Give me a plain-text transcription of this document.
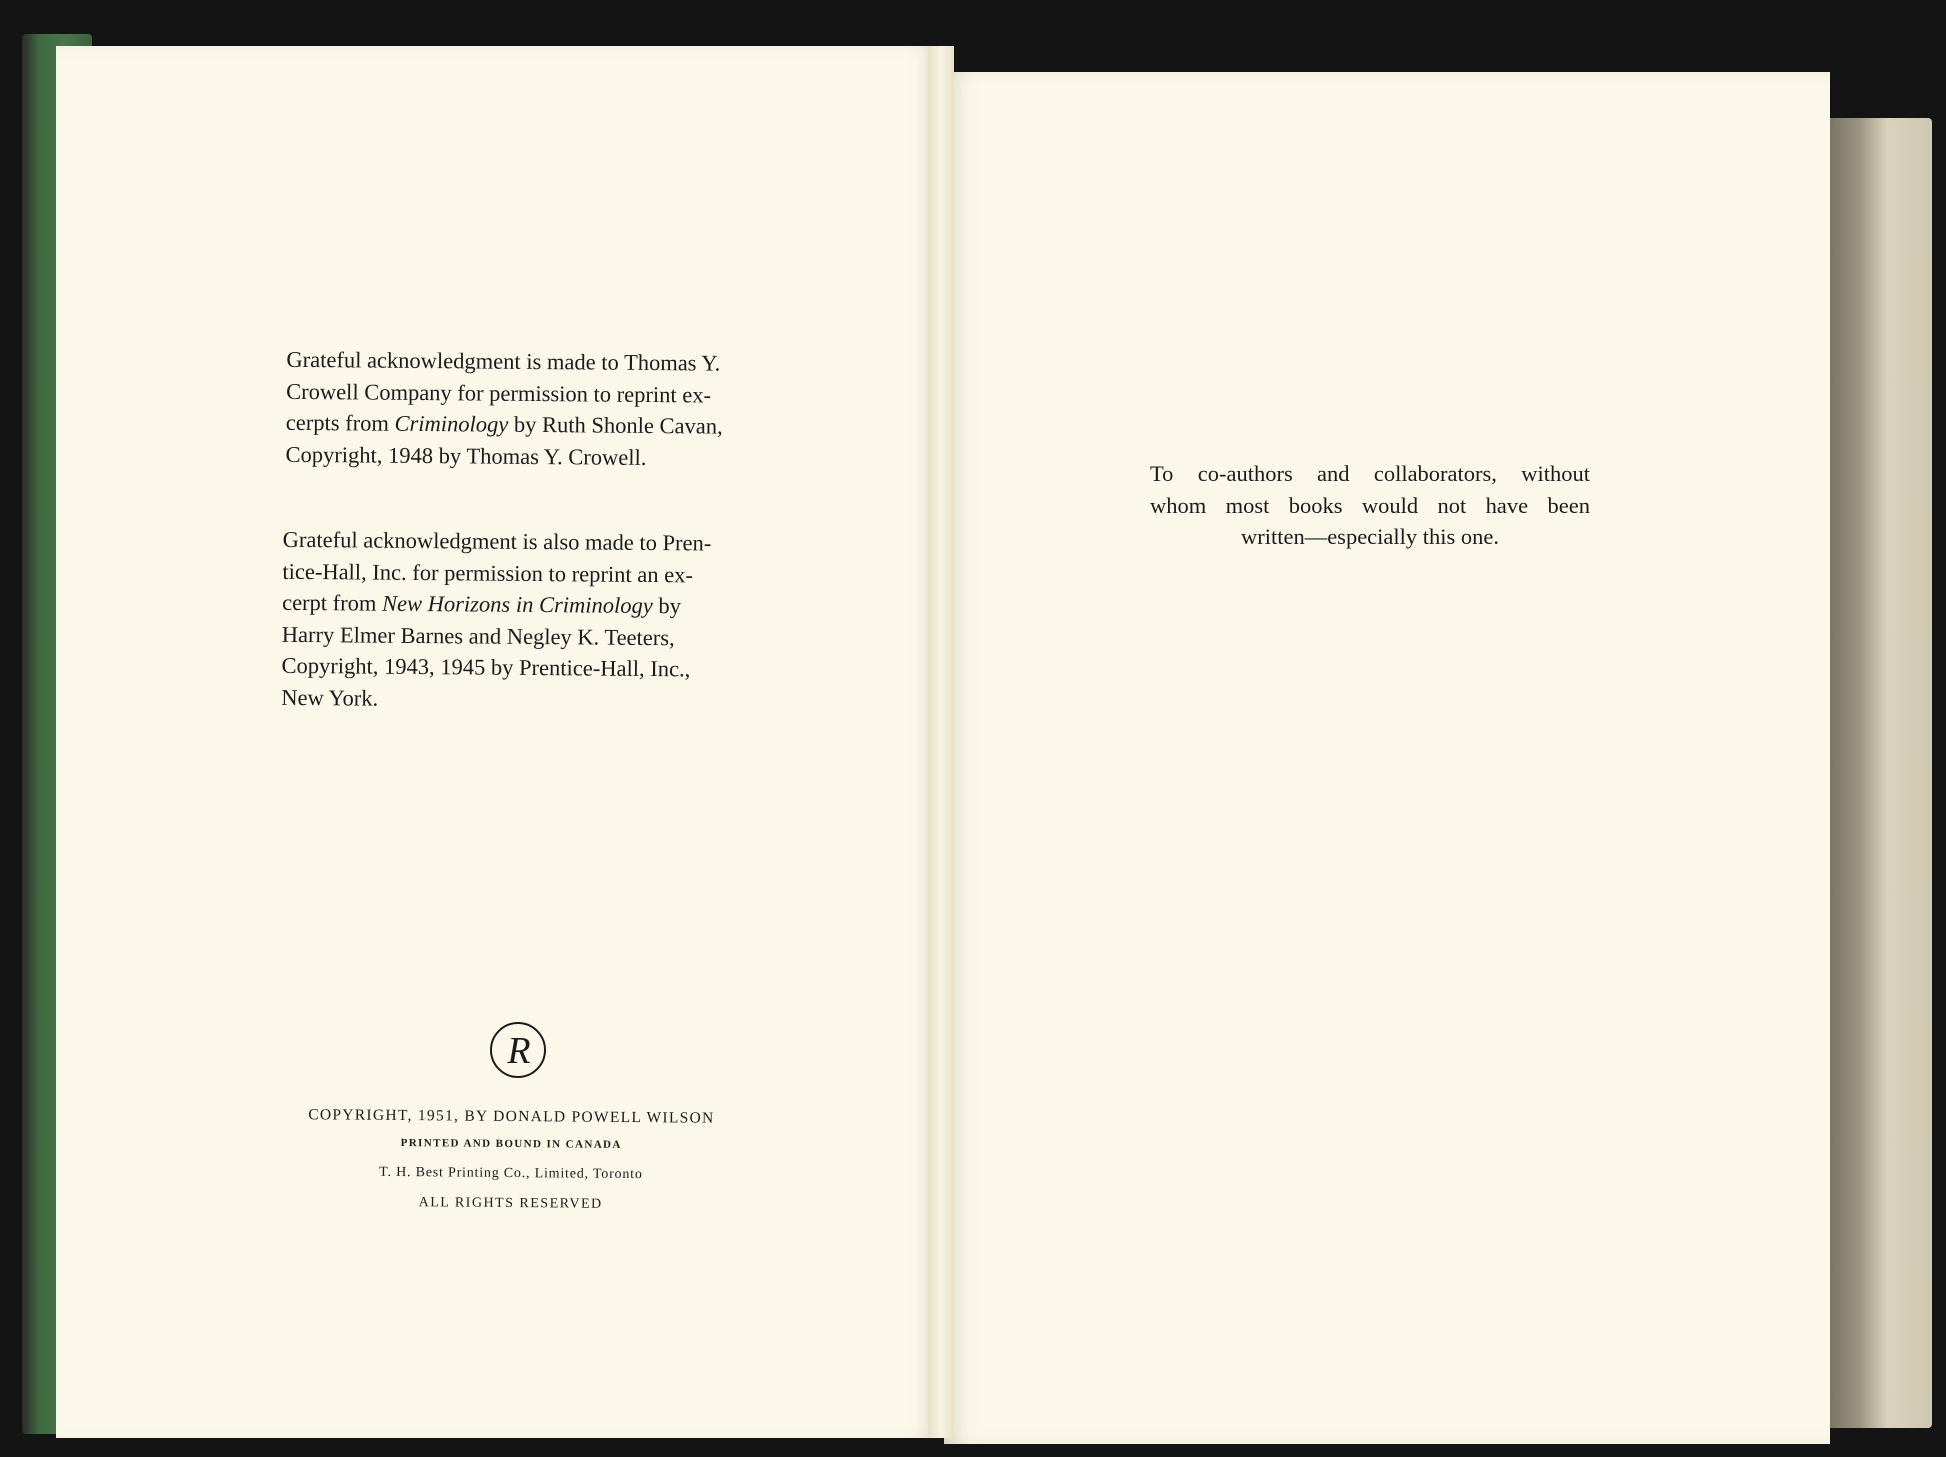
Grateful acknowledgment is made to Thomas Y.
Crowell Company for permission to reprint ex-
cerpts from Criminology by Ruth Shonle Cavan,
Copyright, 1948 by Thomas Y. Crowell.
Grateful acknowledgment is also made to Pren-
tice-Hall, Inc. for permission to reprint an ex-
cerpt from New Horizons in Criminology by
Harry Elmer Barnes and Negley K. Teeters,
Copyright, 1943, 1945 by Prentice-Hall, Inc.,
New York.
R
COPYRIGHT, 1951, BY DONALD POWELL WILSON
PRINTED AND BOUND IN CANADA
T. H. Best Printing Co., Limited, Toronto
ALL RIGHTS RESERVED
To co-authors and collaborators, without
whom most books would not have been
written—especially this one.
